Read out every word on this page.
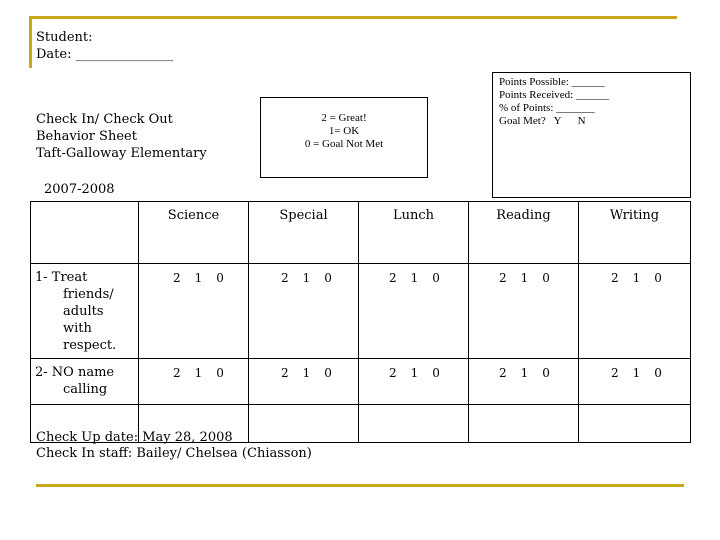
Student:
Date: _______________
Check In/ Check Out
Behavior Sheet
Taft-Galloway Elementary
2 = Great!
1= OK
0 = Goal Not Met
Points Possible: ______
Points Received: ______
% of Points: _______
Goal Met?   Y      N
2007-2008
	Science	Special	Lunch	Reading	Writing
1- Treat
friends/
adults with
respect.	2 1 0	2 1 0	2 1 0	2 1 0	2 1 0
2- NO name
calling	2 1 0	2 1 0	2 1 0	2 1 0	2 1 0

Check Up date: May 28, 2008
Check In staff: Bailey/ Chelsea (Chiasson)
